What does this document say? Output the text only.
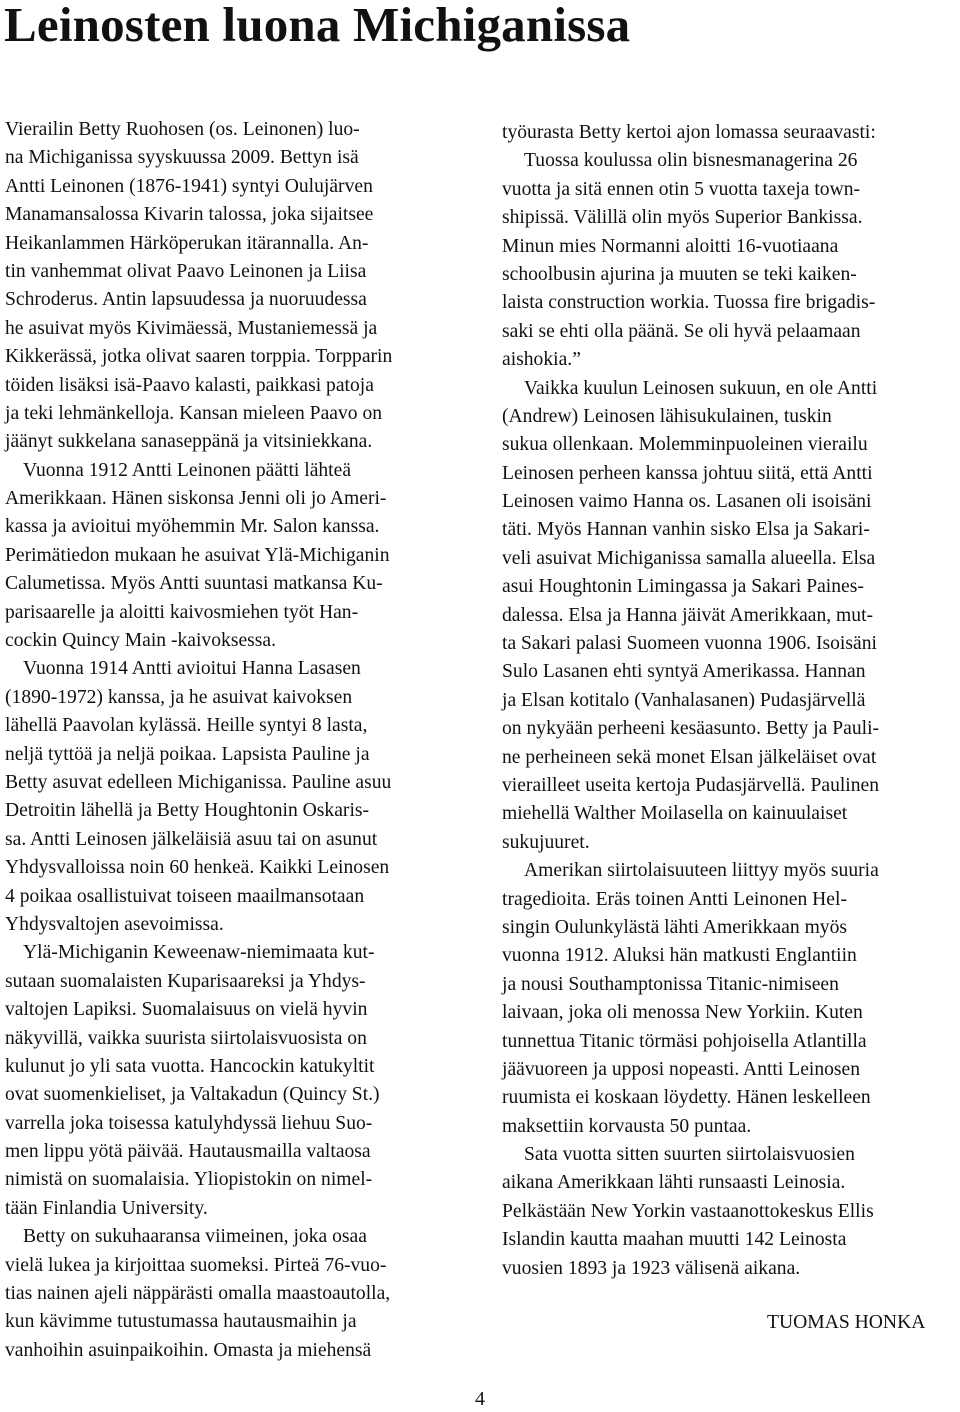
Leinosten luona Michiganissa
Vierailin Betty Ruohosen (os. Leinonen) luo-
na Michiganissa syyskuussa 2009. Bettyn isä
Antti Leinonen (1876-1941) syntyi Oulujärven
Manamansalossa Kivarin talossa, joka sijaitsee
Heikanlammen Härköperukan itärannalla. An-
tin vanhemmat olivat Paavo Leinonen ja Liisa
Schroderus. Antin lapsuudessa ja nuoruudessa
he asuivat myös Kivimäessä, Mustaniemessä ja
Kikkerässä, jotka olivat saaren torppia. Torpparin
töiden lisäksi isä-Paavo kalasti, paikkasi patoja
ja teki lehmänkelloja. Kansan mieleen Paavo on
jäänyt sukkelana sanaseppänä ja vitsiniekkana.
Vuonna 1912 Antti Leinonen päätti lähteä
Amerikkaan. Hänen siskonsa Jenni oli jo Ameri-
kassa ja avioitui myöhemmin Mr. Salon kanssa.
Perimätiedon mukaan he asuivat Ylä-Michiganin
Calumetissa. Myös Antti suuntasi matkansa Ku-
parisaarelle ja aloitti kaivosmiehen työt Han-
cockin Quincy Main -kaivoksessa.
Vuonna 1914 Antti avioitui Hanna Lasasen
(1890-1972) kanssa, ja he asuivat kaivoksen
lähellä Paavolan kylässä. Heille syntyi 8 lasta,
neljä tyttöä ja neljä poikaa. Lapsista Pauline ja
Betty asuvat edelleen Michiganissa. Pauline asuu
Detroitin lähellä ja Betty Houghtonin Oskaris-
sa. Antti Leinosen jälkeläisiä asuu tai on asunut
Yhdysvalloissa noin 60 henkeä. Kaikki Leinosen
4 poikaa osallistuivat toiseen maailmansotaan
Yhdysvaltojen asevoimissa.
Ylä-Michiganin Keweenaw-niemimaata kut-
sutaan suomalaisten Kuparisaareksi ja Yhdys-
valtojen Lapiksi. Suomalaisuus on vielä hyvin
näkyvillä, vaikka suurista siirtolaisvuosista on
kulunut jo yli sata vuotta. Hancockin katukyltit
ovat suomenkieliset, ja Valtakadun (Quincy St.)
varrella joka toisessa katulyhdyssä liehuu Suo-
men lippu yötä päivää. Hautausmailla valtaosa
nimistä on suomalaisia. Yliopistokin on nimel-
tään Finlandia University.
Betty on sukuhaaransa viimeinen, joka osaa
vielä lukea ja kirjoittaa suomeksi. Pirteä 76-vuo-
tias nainen ajeli näppärästi omalla maastoautolla,
kun kävimme tutustumassa hautausmaihin ja
vanhoihin asuinpaikoihin. Omasta ja miehensä
työurasta Betty kertoi ajon lomassa seuraavasti:
Tuossa koulussa olin bisnesmanagerina 26
vuotta ja sitä ennen otin 5 vuotta taxeja town-
shipissä. Välillä olin myös Superior Bankissa.
Minun mies Normanni aloitti 16-vuotiaana
schoolbusin ajurina ja muuten se teki kaiken-
laista construction workia. Tuossa fire brigadis-
saki se ehti olla päänä. Se oli hyvä pelaamaan
aishokia.”
Vaikka kuulun Leinosen sukuun, en ole Antti
(Andrew) Leinosen lähisukulainen, tuskin
sukua ollenkaan. Molemminpuoleinen vierailu
Leinosen perheen kanssa johtuu siitä, että Antti
Leinosen vaimo Hanna os. Lasanen oli isoisäni
täti. Myös Hannan vanhin sisko Elsa ja Sakari-
veli asuivat Michiganissa samalla alueella. Elsa
asui Houghtonin Limingassa ja Sakari Paines-
dalessa. Elsa ja Hanna jäivät Amerikkaan, mut-
ta Sakari palasi Suomeen vuonna 1906. Isoisäni
Sulo Lasanen ehti syntyä Amerikassa. Hannan
ja Elsan kotitalo (Vanhalasanen) Pudasjärvellä
on nykyään perheeni kesäasunto. Betty ja Pauli-
ne perheineen sekä monet Elsan jälkeläiset ovat
vierailleet useita kertoja Pudasjärvellä. Paulinen
miehellä Walther Moilasella on kainuulaiset
sukujuuret.
Amerikan siirtolaisuuteen liittyy myös suuria
tragedioita. Eräs toinen Antti Leinonen Hel-
singin Oulunkylästä lähti Amerikkaan myös
vuonna 1912. Aluksi hän matkusti Englantiin
ja nousi Southamptonissa Titanic-nimiseen
laivaan, joka oli menossa New Yorkiin. Kuten
tunnettua Titanic törmäsi pohjoisella Atlantilla
jäävuoreen ja upposi nopeasti. Antti Leinosen
ruumista ei koskaan löydetty. Hänen leskelleen
maksettiin korvausta 50 puntaa.
Sata vuotta sitten suurten siirtolaisvuosien
aikana Amerikkaan lähti runsaasti Leinosia.
Pelkästään New Yorkin vastaanottokeskus Ellis
Islandin kautta maahan muutti 142 Leinosta
vuosien 1893 ja 1923 välisenä aikana.
TUOMAS HONKA
4
